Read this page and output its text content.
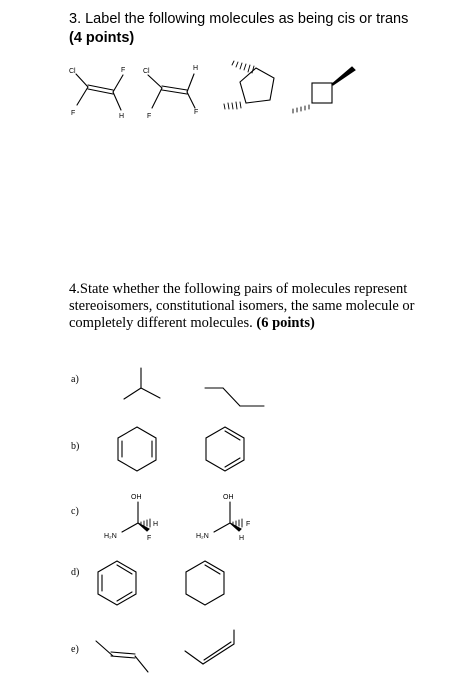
3. Label the following molecules as being cis or trans
(4 points)
4.State whether the following pairs of molecules represent stereoisomers, constitutional isomers, the same molecule or completely different molecules. (6 points)
a)
b)
c)
d)
e)
Cl	F
F	H
Cl	H
F
F
OH
H₂N
H
F
OH
H₂N
F
H
